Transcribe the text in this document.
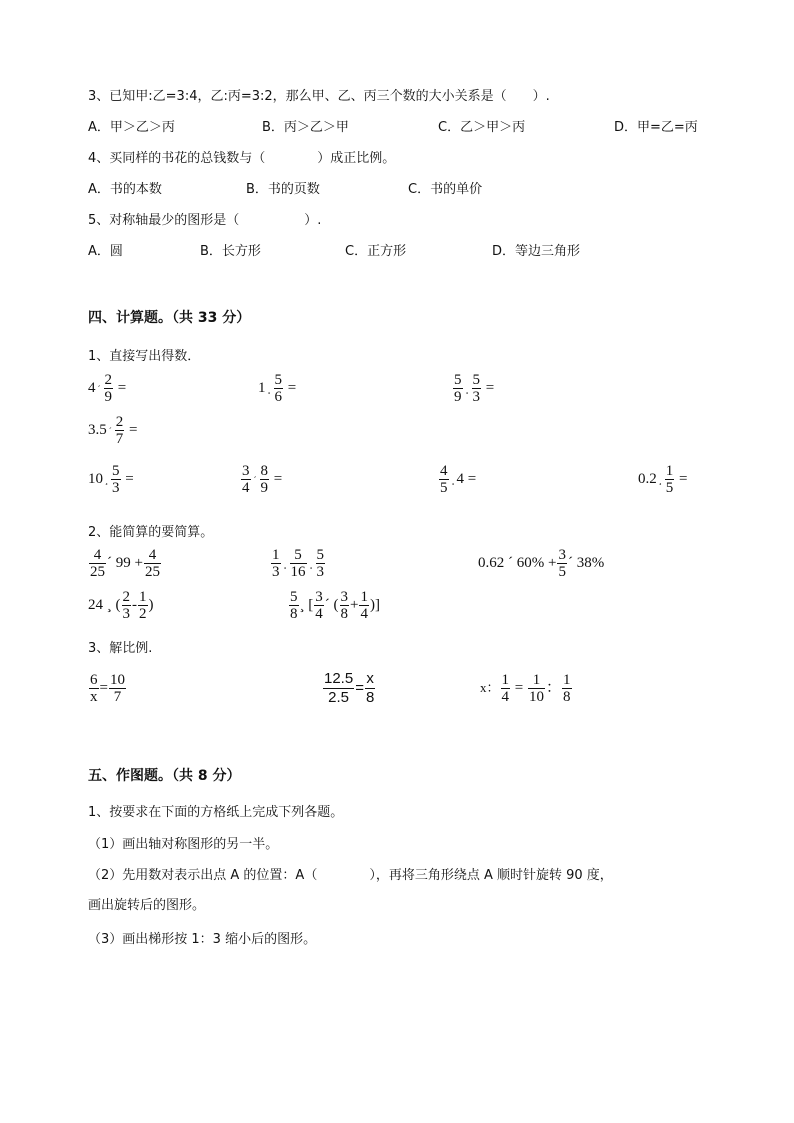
3、已知甲:乙=3:4，乙:丙=3:2，那么甲、乙、丙三个数的大小关系是（　　）.
A．甲＞乙＞丙	B．丙＞乙＞甲	C．乙＞甲＞丙	D．甲=乙=丙
4、买同样的书花的总钱数与（　　　　）成正比例。
A．书的本数	B．书的页数	C．书的单价
5、对称轴最少的图形是（　　　　　）.
A．圆	B．长方形	C．正方形	D．等边三角形
四、计算题。（共 33 分）
1、直接写出得数．
4 ´ $\frac{2}{9}$ =	1 ¸ $\frac{5}{6}$ =	$\frac{5}{9}$ ¸ $\frac{5}{3}$ =
3.5 ´ $\frac{2}{7}$ =
10 ¸ $\frac{5}{3}$ =	$\frac{3}{4}$ ´ $\frac{8}{9}$ =	$\frac{4}{5}$ ¸ 4 =	0.2 ¸ $\frac{1}{5}$ =
2、能简算的要简算。
$\frac{4}{25}$ ´ $99 + \frac{4}{25}$	$\frac{1}{3}$ ¸ $\frac{5}{16}$ ¸ $\frac{5}{3}$	0.62 ´ $60\% + \frac{3}{5}$ ´ 38%
24 ¸ ( $\frac{2}{3} - \frac{1}{2}$ )	$\frac{5}{8}$ ¸ [ $\frac{3}{4}$ ´ ( $\frac{3}{8} + \frac{1}{4}$ )]
3、解比例.
$\frac{6}{x} = \frac{10}{7}$	$\frac{12.5}{2.5} = \frac{x}{8}$	x： $\frac{1}{4} = \frac{1}{10}$ ： $\frac{1}{8}$
五、作图题。（共 8 分）
1、按要求在下面的方格纸上完成下列各题。
（1）画出轴对称图形的另一半。
（2）先用数对表示出点 A 的位置：A（　　　　），再将三角形绕点 A 顺时针旋转 90 度，
画出旋转后的图形。
（3）画出梯形按 1：3 缩小后的图形。
